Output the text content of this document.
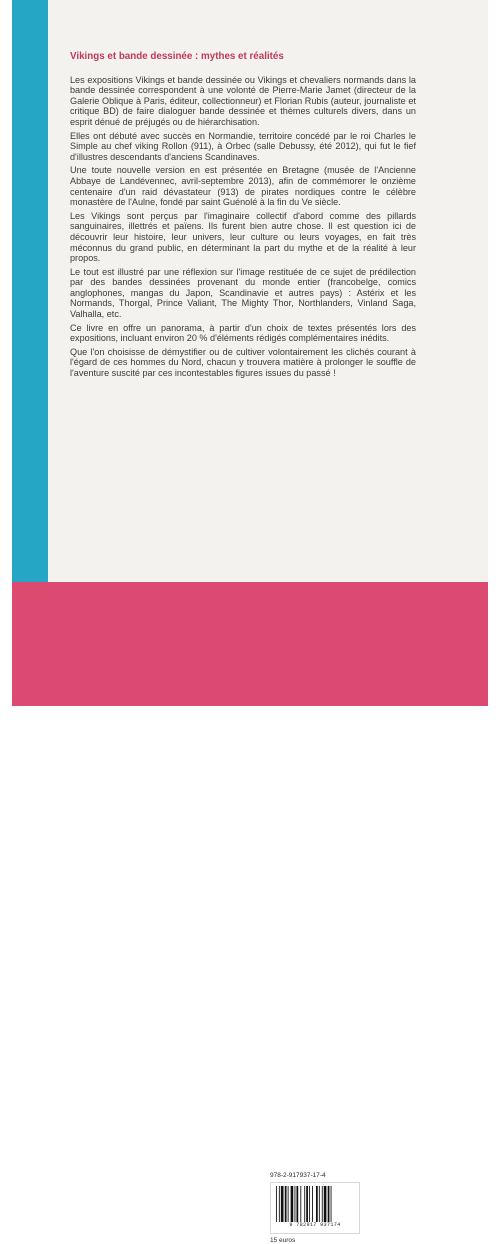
Vikings et bande dessinée : mythes et réalités

Les expositions Vikings et bande dessinée ou Vikings et chevaliers normands dans la bande dessinée correspondent à une volonté de Pierre-Marie Jamet (directeur de la Galerie Oblique à Paris, éditeur, collectionneur) et Florian Rubis (auteur, journaliste et critique BD) de faire dialoguer bande dessinée et thèmes culturels divers, dans un esprit dénué de préjugés ou de hiérarchisation.

Elles ont débuté avec succès en Normandie, territoire concédé par le roi Charles le Simple au chef viking Rollon (911), à Orbec (salle Debussy, été 2012), qui fut le fief d'illustres descendants d'anciens Scandinaves.

Une toute nouvelle version en est présentée en Bretagne (musée de l'Ancienne Abbaye de Landévennec, avril-septembre 2013), afin de commémorer le onzième centenaire d'un raid dévastateur (913) de pirates nordiques contre le célèbre monastère de l'Aulne, fondé par saint Guénolé à la fin du Ve siècle.

Les Vikings sont perçus par l'imaginaire collectif d'abord comme des pillards sanguinaires, illettrés et païens. Ils furent bien autre chose. Il est question ici de découvrir leur histoire, leur univers, leur culture ou leurs voyages, en fait très méconnus du grand public, en déterminant la part du mythe et de la réalité à leur propos.

Le tout est illustré par une réflexion sur l'image restituée de ce sujet de prédilection par des bandes dessinées provenant du monde entier (francobelge, comics anglophones, mangas du Japon, Scandinavie et autres pays) : Astérix et les Normands, Thorgal, Prince Valiant, The Mighty Thor, Northlanders, Vinland Saga, Valhalla, etc.

Ce livre en offre un panorama, à partir d'un choix de textes présentés lors des expositions, incluant environ 20 % d'éléments rédigés complémentaires inédits.

Que l'on choisisse de démystifier ou de cultiver volontairement les clichés courant à l'égard de ces hommes du Nord, chacun y trouvera matière à prolonger le souffle de l'aventure suscité par ces incontestables figures issues du passé !

978-2-917937-17-4
9 782917 937174
15 euros
